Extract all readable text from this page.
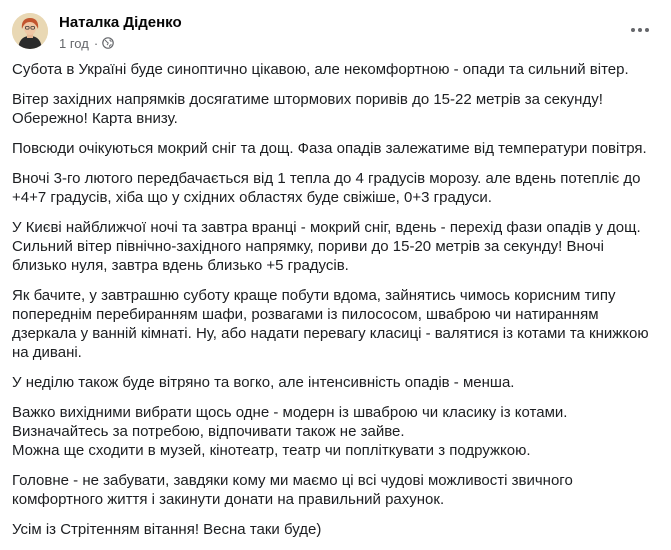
Наталка Діденко
1 год ·

Субота в Україні буде синоптично цікавою, але некомфортною - опади та сильний вітер.

Вітер західних напрямків досягатиме штормових поривів до 15-22 метрів за секунду!
Обережно! Карта внизу.

Повсюди очікуються мокрий сніг та дощ. Фаза опадів залежатиме від температури повітря.

Вночі 3-го лютого передбачається від 1 тепла до 4 градусів морозу. але вдень потепліє до
+4+7 градусів, хіба що у східних областях буде свіжіше, 0+3 градуси.

У Києві найближчої ночі та завтра вранці - мокрий сніг, вдень - перехід фази опадів у дощ.
Сильний вітер північно-західного напрямку, пориви до 15-20 метрів за секунду! Вночі
близько нуля, завтра вдень близько +5 градусів.

Як бачите, у завтрашню суботу краще побути вдома, зайнятись чимось корисним типу
попереднім перебиранням шафи, розвагами із пилососом, шваброю чи натиранням
дзеркала у ванній кімнаті. Ну, або надати перевагу класиці - валятися із котами та книжкою
на дивані.

У неділю також буде вітряно та вогко, але інтенсивність опадів - менша.

Важко вихідними вибрати щось одне - модерн із шваброю чи класику із котами.
Визначайтесь за потребою, відпочивати також не зайве.
Можна ще сходити в музей, кінотеатр, театр чи попліткувати з подружкою.

Головне - не забувати, завдяки кому ми маємо ці всі чудові можливості звичного
комфортного життя і закинути донати на правильний рахунок.

Усім із Стрітенням вітання! Весна таки буде)
